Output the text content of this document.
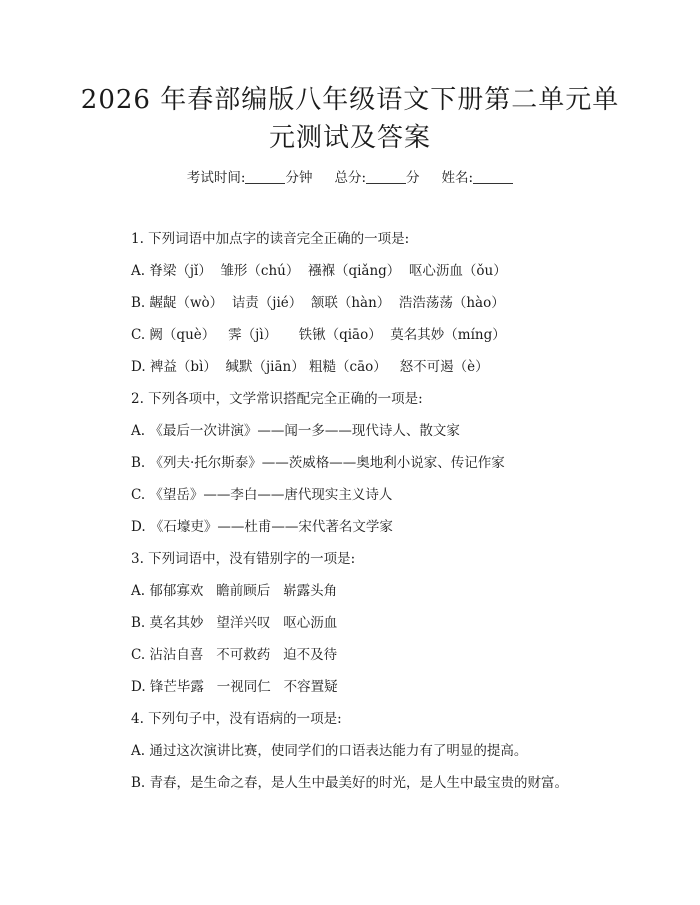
2026 年春部编版八年级语文下册第二单元单
元测试及答案
考试时间:	分钟 总分:	分 姓名:
1. 下列词语中加点字的读音完全正确的一项是:
A. 脊梁（jǐ）  雏形（chú）  襁褓（qiǎng）  呕心沥血（ǒu）
B. 龌龊（wò）  诘责（jié）  颔联（hàn）  浩浩荡荡（hào）
C. 阙（què）   霁（jì）     铁锹（qiāo）  莫名其妙（míng）
D. 裨益（bì）  缄默（jiān） 粗糙（cāo）   怒不可遏（è）
2. 下列各项中，文学常识搭配完全正确的一项是:
A. 《最后一次讲演》——闻一多——现代诗人、散文家
B. 《列夫·托尔斯泰》——茨威格——奥地利小说家、传记作家
C. 《望岳》——李白——唐代现实主义诗人
D. 《石壕吏》——杜甫——宋代著名文学家
3. 下列词语中，没有错别字的一项是:
A. 郁郁寡欢   瞻前顾后   崭露头角
B. 莫名其妙   望洋兴叹   呕心沥血
C. 沾沾自喜   不可救药   迫不及待
D. 锋芒毕露   一视同仁   不容置疑
4. 下列句子中，没有语病的一项是:
A. 通过这次演讲比赛，使同学们的口语表达能力有了明显的提高。
B. 青春，是生命之春，是人生中最美好的时光，是人生中最宝贵的财富。
